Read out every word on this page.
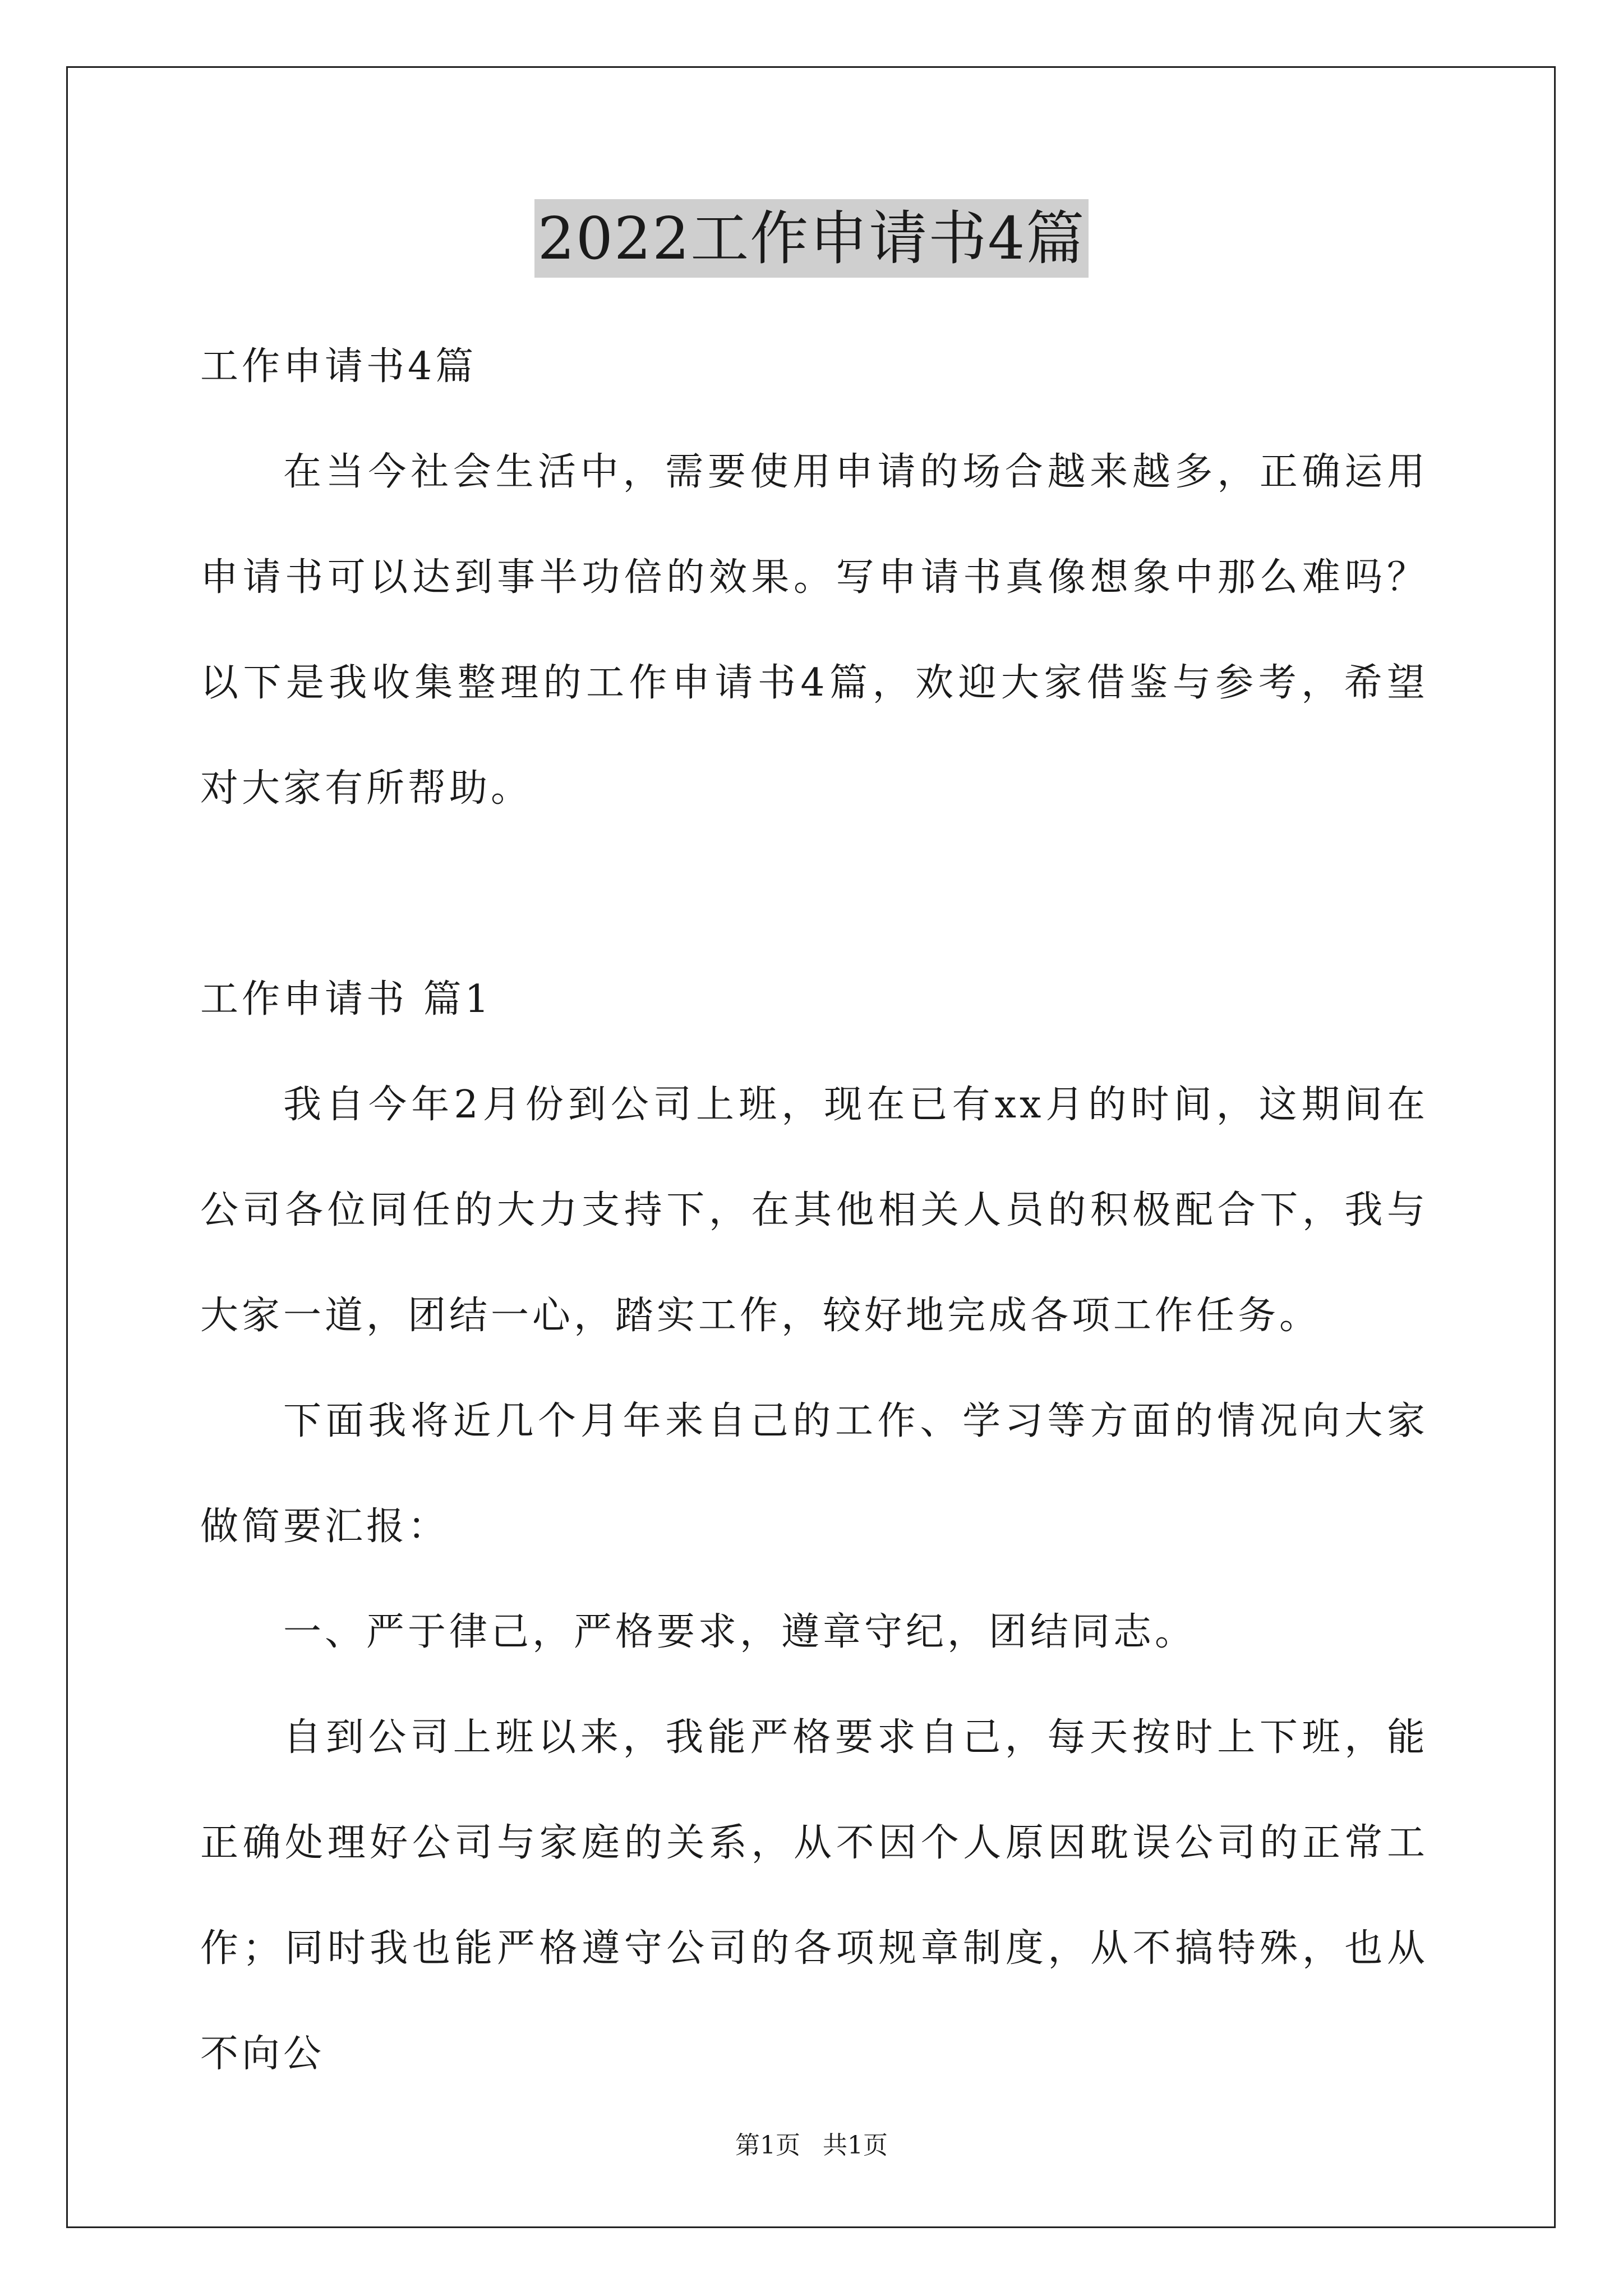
2022工作申请书4篇

工作申请书4篇

在当今社会生活中，需要使用申请的场合越来越多，正确运用申请书可以达到事半功倍的效果。写申请书真像想象中那么难吗？以下是我收集整理的工作申请书4篇，欢迎大家借鉴与参考，希望对大家有所帮助。

工作申请书 篇1

我自今年2月份到公司上班，现在已有xx月的时间，这期间在公司各位同任的大力支持下，在其他相关人员的积极配合下，我与大家一道，团结一心，踏实工作，较好地完成各项工作任务。

下面我将近几个月年来自己的工作、学习等方面的情况向大家做简要汇报：

一、严于律己，严格要求，遵章守纪，团结同志。

自到公司上班以来，我能严格要求自己，每天按时上下班，能正确处理好公司与家庭的关系，从不因个人原因耽误公司的正常工作；同时我也能严格遵守公司的各项规章制度，从不搞特殊，也从不向公

第1页 共1页
